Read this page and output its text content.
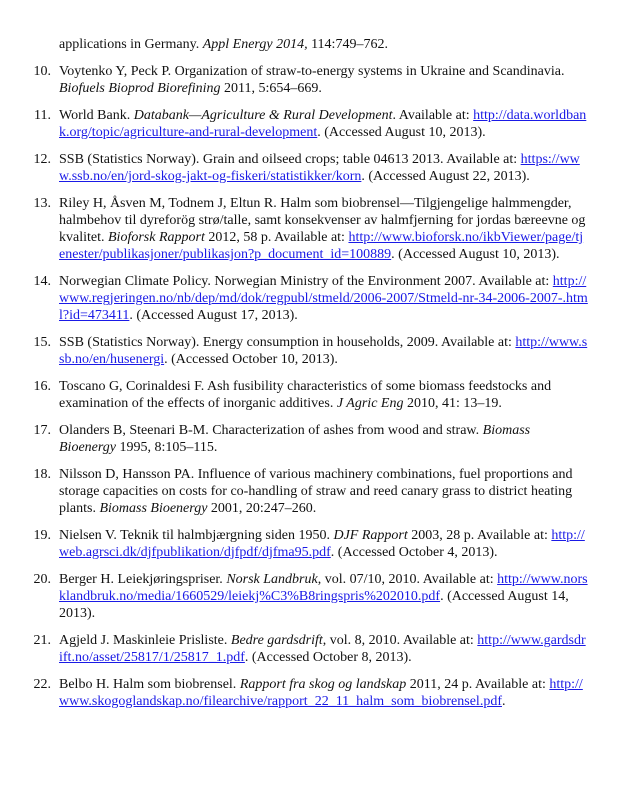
applications in Germany. Appl Energy 2014, 114:749–762.
10. Voytenko Y, Peck P. Organization of straw-to-energy systems in Ukraine and Scandinavia. Biofuels Bioprod Biorefining 2011, 5:654–669.
11. World Bank. Databank—Agriculture & Rural Development. Available at: http://data.worldbank.org/topic/agriculture-and-rural-development. (Accessed August 10, 2013).
12. SSB (Statistics Norway). Grain and oilseed crops; table 04613 2013. Available at: https://www.ssb.no/en/jord-skog-jakt-og-fiskeri/statistikker/korn. (Accessed August 22, 2013).
13. Riley H, Åsven M, Todnem J, Eltun R. Halm som biobrensel—Tilgjengelige halmmengder, halmbehov til dyreforög strø/talle, samt konsekvenser av halmfjerning for jordas bæreevne og kvalitet. Bioforsk Rapport 2012, 58 p. Available at: http://www.bioforsk.no/ikbViewer/page/tjenester/publikasjoner/publikasjon?p_document_id=100889. (Accessed August 10, 2013).
14. Norwegian Climate Policy. Norwegian Ministry of the Environment 2007. Available at: http://www.regjeringen.no/nb/dep/md/dok/regpubl/stmeld/2006-2007/Stmeld-nr-34-2006-2007-.html?id=473411. (Accessed August 17, 2013).
15. SSB (Statistics Norway). Energy consumption in households, 2009. Available at: http://www.ssb.no/en/husenergi. (Accessed October 10, 2013).
16. Toscano G, Corinaldesi F. Ash fusibility characteristics of some biomass feedstocks and examination of the effects of inorganic additives. J Agric Eng 2010, 41: 13–19.
17. Olanders B, Steenari B-M. Characterization of ashes from wood and straw. Biomass Bioenergy 1995, 8:105–115.
18. Nilsson D, Hansson PA. Influence of various machinery combinations, fuel proportions and storage capacities on costs for co-handling of straw and reed canary grass to district heating plants. Biomass Bioenergy 2001, 20:247–260.
19. Nielsen V. Teknik til halmbjærgning siden 1950. DJF Rapport 2003, 28 p. Available at: http://web.agrsci.dk/djfpublikation/djfpdf/djfma95.pdf. (Accessed October 4, 2013).
20. Berger H. Leiekjøringspriser. Norsk Landbruk, vol. 07/10, 2010. Available at: http://www.norsklandbruk.no/media/1660529/leiekj%C3%B8ringspris%202010.pdf. (Accessed August 14, 2013).
21. Agjeld J. Maskinleie Prisliste. Bedre gardsdrift, vol. 8, 2010. Available at: http://www.gardsdrift.no/asset/25817/1/25817_1.pdf. (Accessed October 8, 2013).
22. Belbo H. Halm som biobrensel. Rapport fra skog og landskap 2011, 24 p. Available at: http://www.skogoglandskap.no/filearchive/rapport_22_11_halm_som_biobrensel.pdf.
